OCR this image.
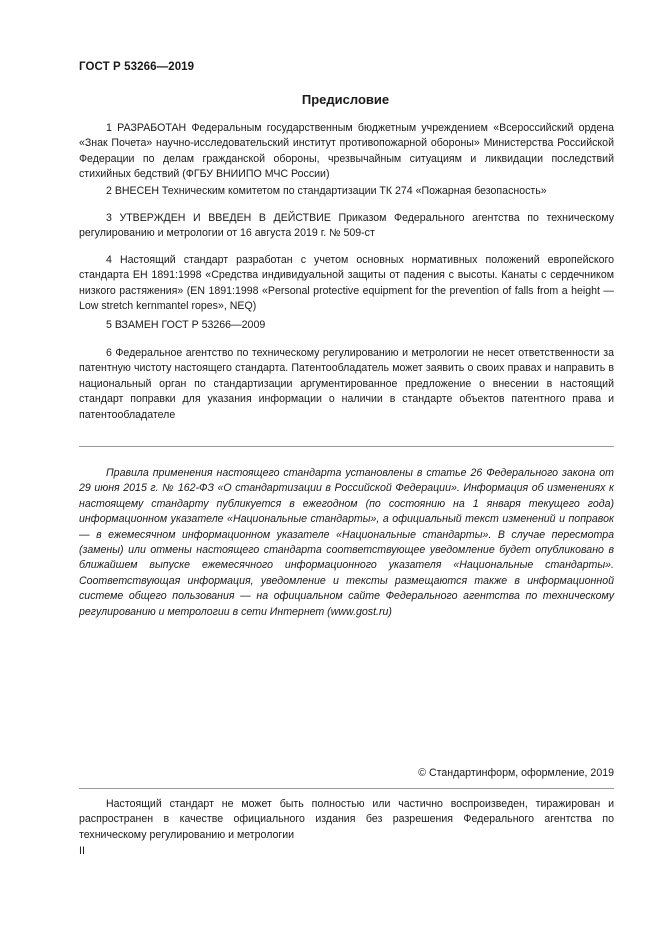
ГОСТ Р 53266—2019
Предисловие

1 РАЗРАБОТАН Федеральным государственным бюджетным учреждением «Всероссийский ордена «Знак Почета» научно-исследовательский институт противопожарной обороны» Министерства Российской Федерации по делам гражданской обороны, чрезвычайным ситуациям и ликвидации последствий стихийных бедствий (ФГБУ ВНИИПО МЧС России)

2 ВНЕСЕН Техническим комитетом по стандартизации ТК 274 «Пожарная безопасность»

3 УТВЕРЖДЕН И ВВЕДЕН В ДЕЙСТВИЕ Приказом Федерального агентства по техническому регулированию и метрологии от 16 августа 2019 г. № 509-ст

4 Настоящий стандарт разработан с учетом основных нормативных положений европейского стандарта ЕН 1891:1998 «Средства индивидуальной защиты от падения с высоты. Канаты с сердечником низкого растяжения» (EN 1891:1998 «Personal protective equipment for the prevention of falls from a height — Low stretch kernmantel ropes», NEQ)

5 ВЗАМЕН ГОСТ Р 53266—2009

6 Федеральное агентство по техническому регулированию и метрологии не несет ответственности за патентную чистоту настоящего стандарта. Патентообладатель может заявить о своих правах и направить в национальный орган по стандартизации аргументированное предложение о внесении в настоящий стандарт поправки для указания информации о наличии в стандарте объектов патентного права и патентообладателе

Правила применения настоящего стандарта установлены в статье 26 Федерального закона от 29 июня 2015 г. № 162-ФЗ «О стандартизации в Российской Федерации». Информация об изменениях к настоящему стандарту публикуется в ежегодном (по состоянию на 1 января текущего года) информационном указателе «Национальные стандарты», а официальный текст изменений и поправок — в ежемесячном информационном указателе «Национальные стандарты». В случае пересмотра (замены) или отмены настоящего стандарта соответствующее уведомление будет опубликовано в ближайшем выпуске ежемесячного информационного указателя «Национальные стандарты». Соответствующая информация, уведомление и тексты размещаются также в информационной системе общего пользования — на официальном сайте Федерального агентства по техническому регулированию и метрологии в сети Интернет (www.gost.ru)

© Стандартинформ, оформление, 2019

Настоящий стандарт не может быть полностью или частично воспроизведен, тиражирован и распространен в качестве официального издания без разрешения Федерального агентства по техническому регулированию и метрологии

II
